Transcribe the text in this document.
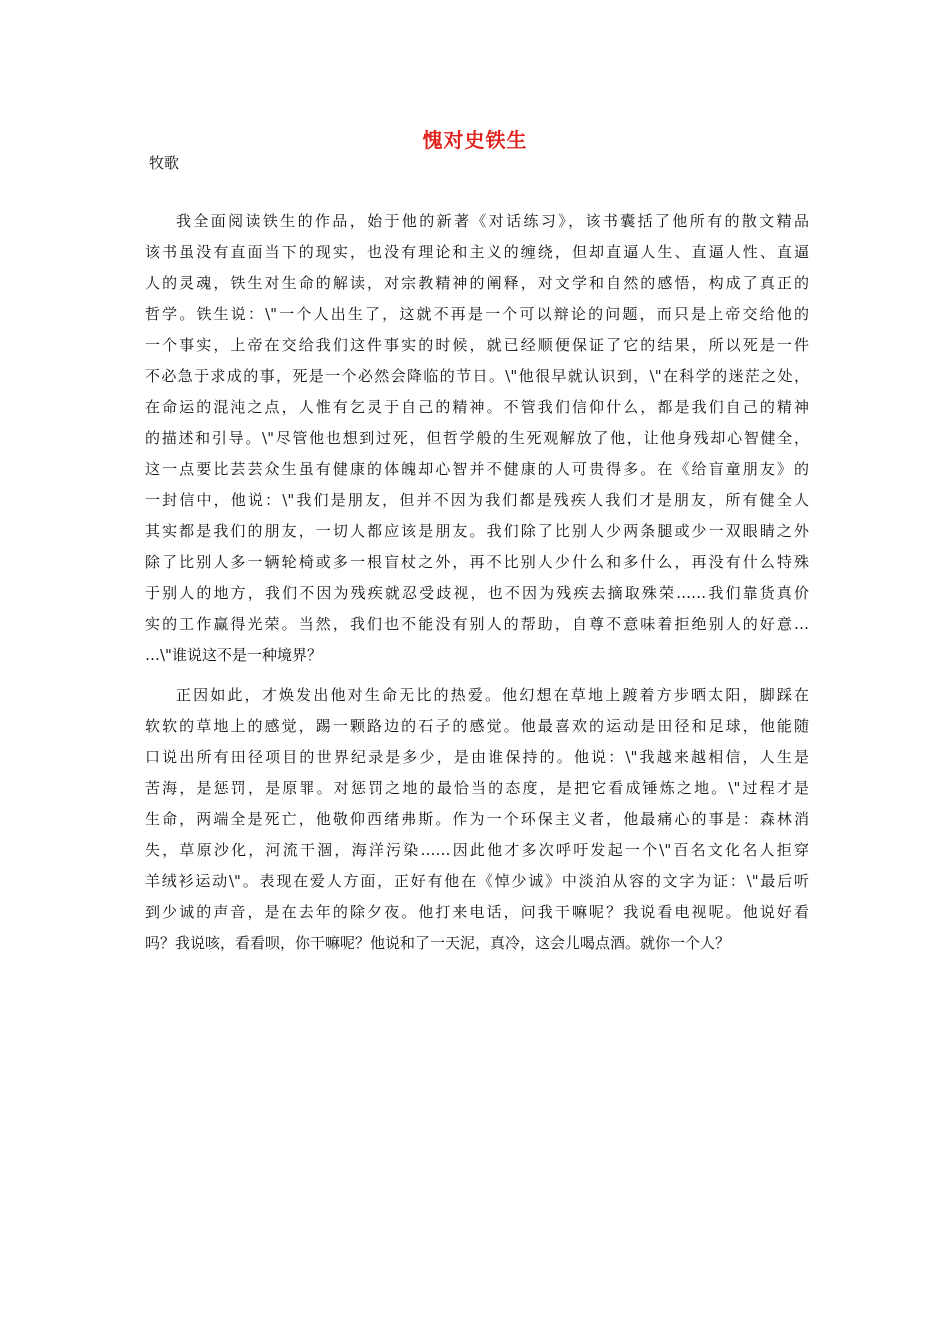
愧对史铁生
牧歌
我全面阅读铁生的作品，始于他的新著《对话练习》，该书囊括了他所有的散文精品
该书虽没有直面当下的现实，也没有理论和主义的缠绕，但却直逼人生、直逼人性、直逼
人的灵魂，铁生对生命的解读，对宗教精神的阐释，对文学和自然的感悟，构成了真正的
哲学。铁生说：\"一个人出生了，这就不再是一个可以辩论的问题，而只是上帝交给他的
一个事实，上帝在交给我们这件事实的时候，就已经顺便保证了它的结果，所以死是一件
不必急于求成的事，死是一个必然会降临的节日。\"他很早就认识到，\"在科学的迷茫之处，
在命运的混沌之点，人惟有乞灵于自己的精神。不管我们信仰什么，都是我们自己的精神
的描述和引导。\"尽管他也想到过死，但哲学般的生死观解放了他，让他身残却心智健全，
这一点要比芸芸众生虽有健康的体魄却心智并不健康的人可贵得多。在《给盲童朋友》的
一封信中，他说：\"我们是朋友，但并不因为我们都是残疾人我们才是朋友，所有健全人
其实都是我们的朋友，一切人都应该是朋友。我们除了比别人少两条腿或少一双眼睛之外
除了比别人多一辆轮椅或多一根盲杖之外，再不比别人少什么和多什么，再没有什么特殊
于别人的地方，我们不因为残疾就忍受歧视，也不因为残疾去摘取殊荣……我们靠货真价
实的工作赢得光荣。当然，我们也不能没有别人的帮助，自尊不意味着拒绝别人的好意…
…\"谁说这不是一种境界？
正因如此，才焕发出他对生命无比的热爱。他幻想在草地上踱着方步晒太阳，脚踩在
软软的草地上的感觉，踢一颗路边的石子的感觉。他最喜欢的运动是田径和足球，他能随
口说出所有田径项目的世界纪录是多少，是由谁保持的。他说：\"我越来越相信，人生是
苦海，是惩罚，是原罪。对惩罚之地的最恰当的态度，是把它看成锤炼之地。\"过程才是
生命，两端全是死亡，他敬仰西绪弗斯。作为一个环保主义者，他最痛心的事是：森林消
失，草原沙化，河流干涸，海洋污染……因此他才多次呼吁发起一个\"百名文化名人拒穿
羊绒衫运动\"。表现在爱人方面，正好有他在《悼少诚》中淡泊从容的文字为证：\"最后听
到少诚的声音，是在去年的除夕夜。他打来电话，问我干嘛呢？我说看电视呢。他说好看
吗？我说咳，看看呗，你干嘛呢？他说和了一天泥，真冷，这会儿喝点酒。就你一个人？
